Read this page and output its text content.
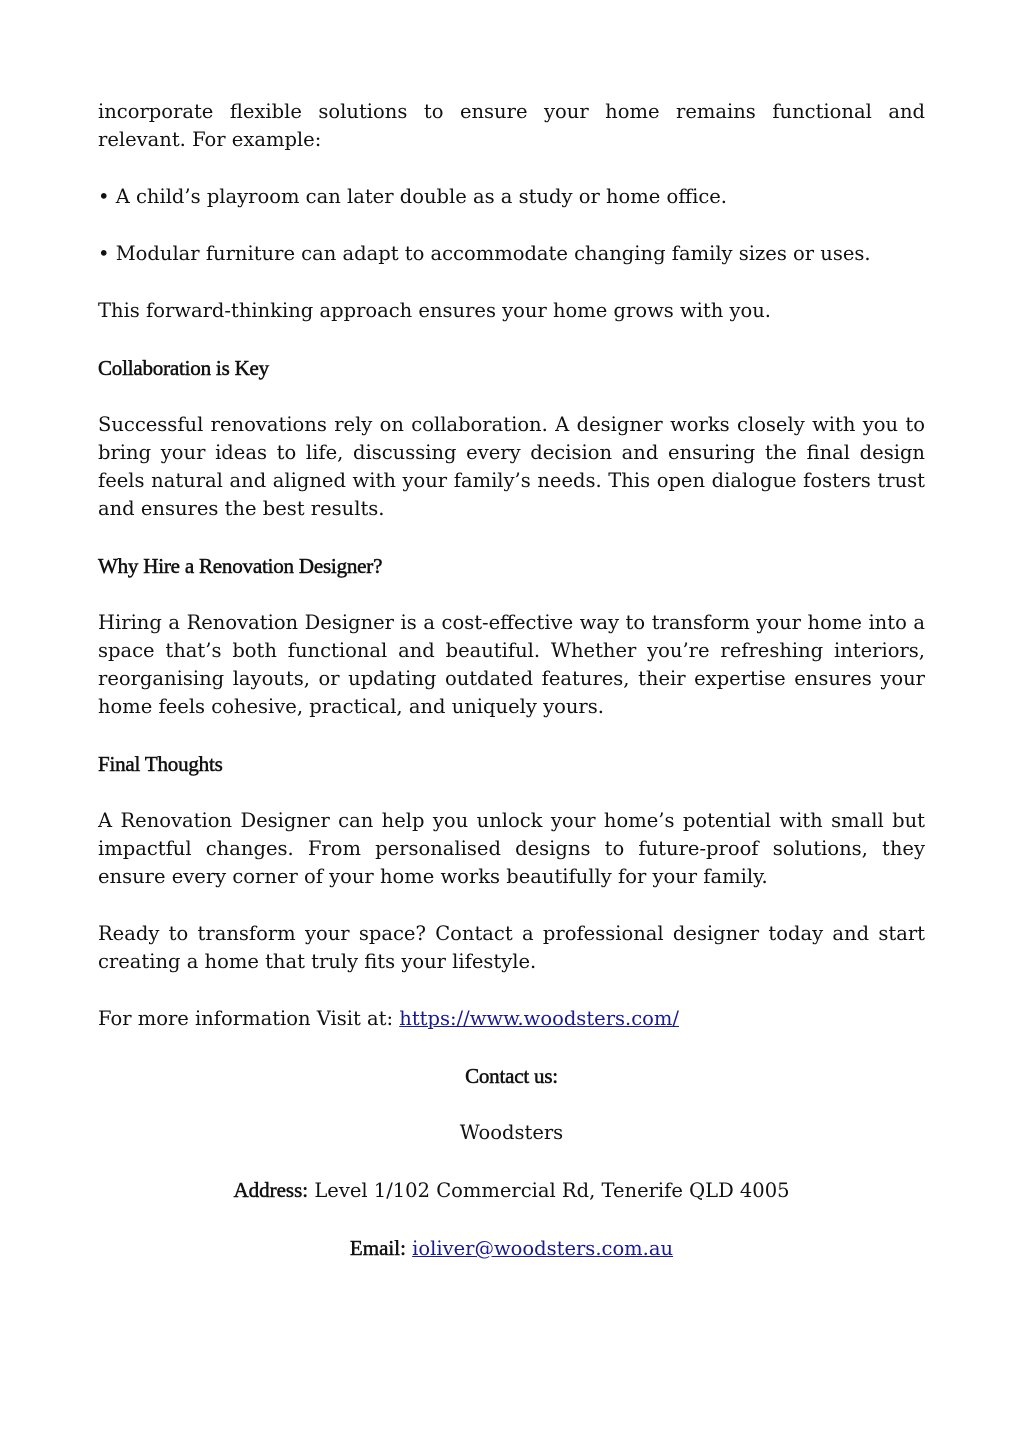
incorporate flexible solutions to ensure your home remains functional and relevant. For example:

• A child’s playroom can later double as a study or home office.

• Modular furniture can adapt to accommodate changing family sizes or uses.

This forward-thinking approach ensures your home grows with you.

Collaboration is Key

Successful renovations rely on collaboration. A designer works closely with you to bring your ideas to life, discussing every decision and ensuring the final design feels natural and aligned with your family’s needs. This open dialogue fosters trust and ensures the best results.

Why Hire a Renovation Designer?

Hiring a Renovation Designer is a cost-effective way to transform your home into a space that’s both functional and beautiful. Whether you’re refreshing interiors, reorganising layouts, or updating outdated features, their expertise ensures your home feels cohesive, practical, and uniquely yours.

Final Thoughts

A Renovation Designer can help you unlock your home’s potential with small but impactful changes. From personalised designs to future-proof solutions, they ensure every corner of your home works beautifully for your family.

Ready to transform your space? Contact a professional designer today and start creating a home that truly fits your lifestyle.

For more information Visit at: https://www.woodsters.com/

Contact us:

Woodsters

Address: Level 1/102 Commercial Rd, Tenerife QLD 4005

Email: ioliver@woodsters.com.au
